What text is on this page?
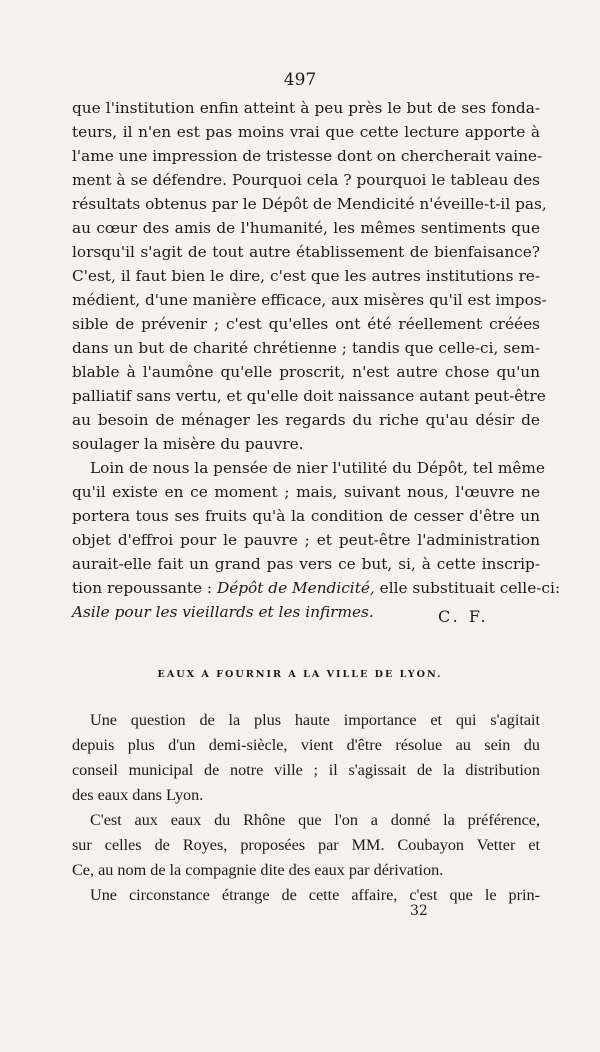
497
que l'institution enfin atteint à peu près le but de ses fonda-
teurs, il n'en est pas moins vrai que cette lecture apporte à
l'ame une impression de tristesse dont on chercherait vaine-
ment à se défendre. Pourquoi cela ? pourquoi le tableau des
résultats obtenus par le Dépôt de Mendicité n'éveille-t-il pas,
au cœur des amis de l'humanité, les mêmes sentiments que
lorsqu'il s'agit de tout autre établissement de bienfaisance?
C'est, il faut bien le dire, c'est que les autres institutions re-
médient, d'une manière efficace, aux misères qu'il est impos-
sible de prévenir ; c'est qu'elles ont été réellement créées
dans un but de charité chrétienne ; tandis que celle-ci, sem-
blable à l'aumône qu'elle proscrit, n'est autre chose qu'un
palliatif sans vertu, et qu'elle doit naissance autant peut-être
au besoin de ménager les regards du riche qu'au désir de
soulager la misère du pauvre.
Loin de nous la pensée de nier l'utilité du Dépôt, tel même
qu'il existe en ce moment ; mais, suivant nous, l'œuvre ne
portera tous ses fruits qu'à la condition de cesser d'être un
objet d'effroi pour le pauvre ; et peut-être l'administration
aurait-elle fait un grand pas vers ce but, si, à cette inscrip-
tion repoussante : Dépôt de Mendicité, elle substituait celle-ci:
Asile pour les vieillards et les infirmes.	C. F.
EAUX A FOURNIR A LA VILLE DE LYON.
Une question de la plus haute importance et qui s'agitait
depuis plus d'un demi-siècle, vient d'être résolue au sein du
conseil municipal de notre ville ; il s'agissait de la distribution
des eaux dans Lyon.
C'est aux eaux du Rhône que l'on a donné la préférence,
sur celles de Royes, proposées par MM. Coubayon Vetter et
Ce, au nom de la compagnie dite des eaux par dérivation.
Une circonstance étrange de cette affaire, c'est que le prin-
32
